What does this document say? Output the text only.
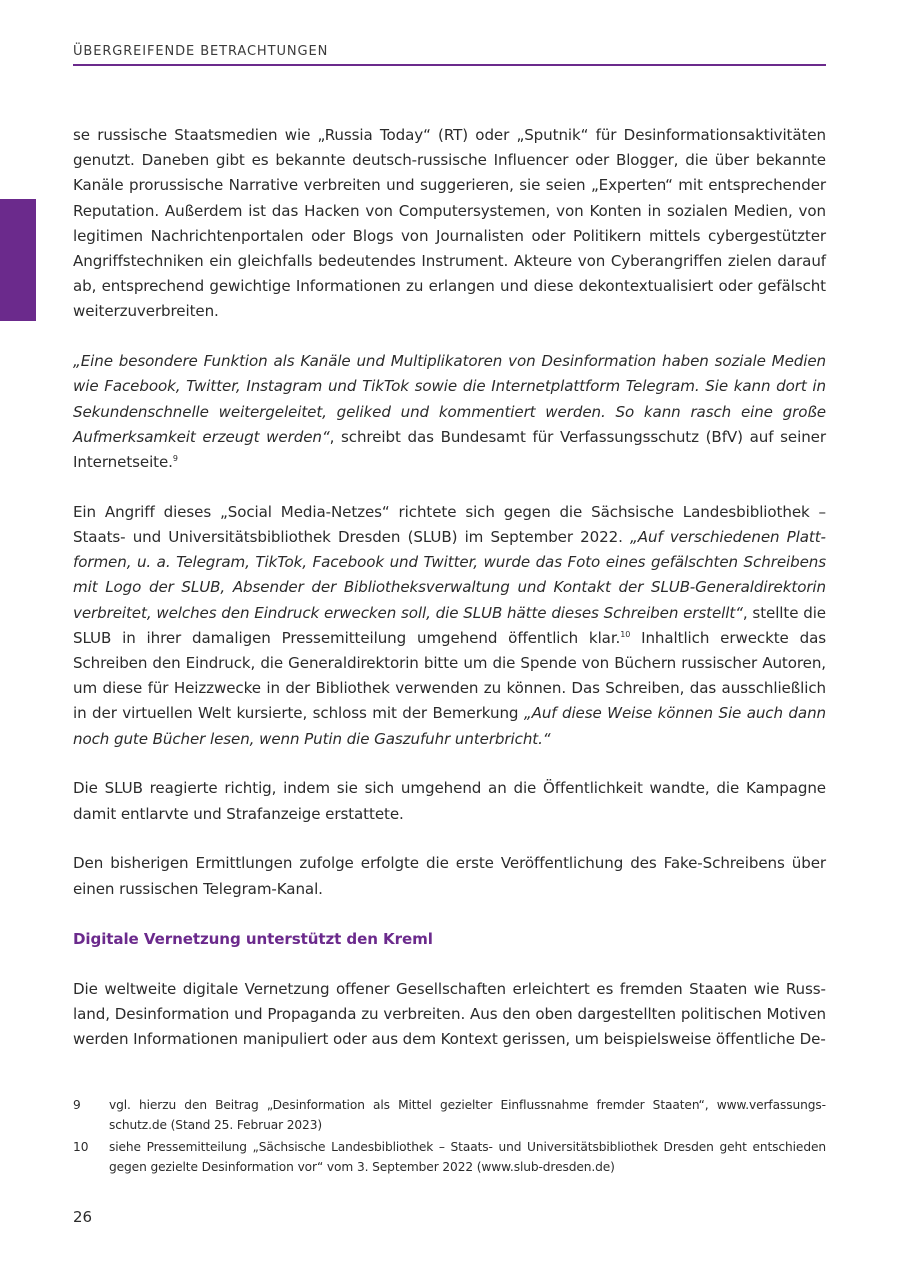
ÜBERGREIFENDE BETRACHTUNGEN

se russische Staatsmedien wie „Russia Today“ (RT) oder „Sputnik“ für Desinformationsaktivitäten genutzt. Daneben gibt es bekannte deutsch-russische Influencer oder Blogger, die über bekannte Kanäle prorussische Narrative verbreiten und suggerieren, sie seien „Experten“ mit entsprechender Reputation. Außerdem ist das Hacken von Computersystemen, von Konten in sozialen Medien, von legitimen Nachrichtenportalen oder Blogs von Journalisten oder Politikern mittels cybergestützter Angriffstechniken ein gleichfalls bedeutendes Instrument. Akteure von Cyberangriffen zielen darauf ab, entsprechend gewichtige Informationen zu erlangen und diese dekontextualisiert oder gefälscht weiterzuverbreiten.

„Eine besondere Funktion als Kanäle und Multiplikatoren von Desinformation haben soziale Medien wie Facebook, Twitter, Instagram und TikTok sowie die Internetplattform Telegram. Sie kann dort in Sekundenschnelle weitergeleitet, geliked und kommentiert werden. So kann rasch eine große Aufmerksamkeit erzeugt werden“, schreibt das Bundesamt für Verfassungsschutz (BfV) auf seiner Internetseite.$^9$

Ein Angriff dieses „Social Media-Netzes“ richtete sich gegen die Sächsische Landesbibliothek – Staats- und Universitätsbibliothek Dresden (SLUB) im September 2022. „Auf verschiedenen Plattformen, u. a. Telegram, TikTok, Facebook und Twitter, wurde das Foto eines gefälschten Schreibens mit Logo der SLUB, Absender der Bibliotheksverwaltung und Kontakt der SLUB-Generaldirektorin verbreitet, welches den Eindruck erwecken soll, die SLUB hätte dieses Schreiben erstellt“, stellte die SLUB in ihrer damaligen Pressemitteilung umgehend öffentlich klar.$^{10}$ Inhaltlich erweckte das Schreiben den Eindruck, die Generaldirektorin bitte um die Spende von Büchern russischer Autoren, um diese für Heizzwecke in der Bibliothek verwenden zu können. Das Schreiben, das ausschließlich in der virtuellen Welt kursierte, schloss mit der Bemerkung „Auf diese Weise können Sie auch dann noch gute Bücher lesen, wenn Putin die Gaszufuhr unterbricht.“

Die SLUB reagierte richtig, indem sie sich umgehend an die Öffentlichkeit wandte, die Kampagne damit entlarvte und Strafanzeige erstattete.

Den bisherigen Ermittlungen zufolge erfolgte die erste Veröffentlichung des Fake-Schreibens über einen russischen Telegram-Kanal.

Digitale Vernetzung unterstützt den Kreml

Die weltweite digitale Vernetzung offener Gesellschaften erleichtert es fremden Staaten wie Russland, Desinformation und Propaganda zu verbreiten. Aus den oben dargestellten politischen Motiven werden Informationen manipuliert oder aus dem Kontext gerissen, um beispielsweise öffentliche De-

9	vgl. hierzu den Beitrag „Desinformation als Mittel gezielter Einflussnahme fremder Staaten“, www.verfassungsschutz.de (Stand 25. Februar 2023)
10	siehe Pressemitteilung „Sächsische Landesbibliothek – Staats- und Universitätsbibliothek Dresden geht entschieden gegen gezielte Desinformation vor“ vom 3. September 2022 (www.slub-dresden.de)
26
